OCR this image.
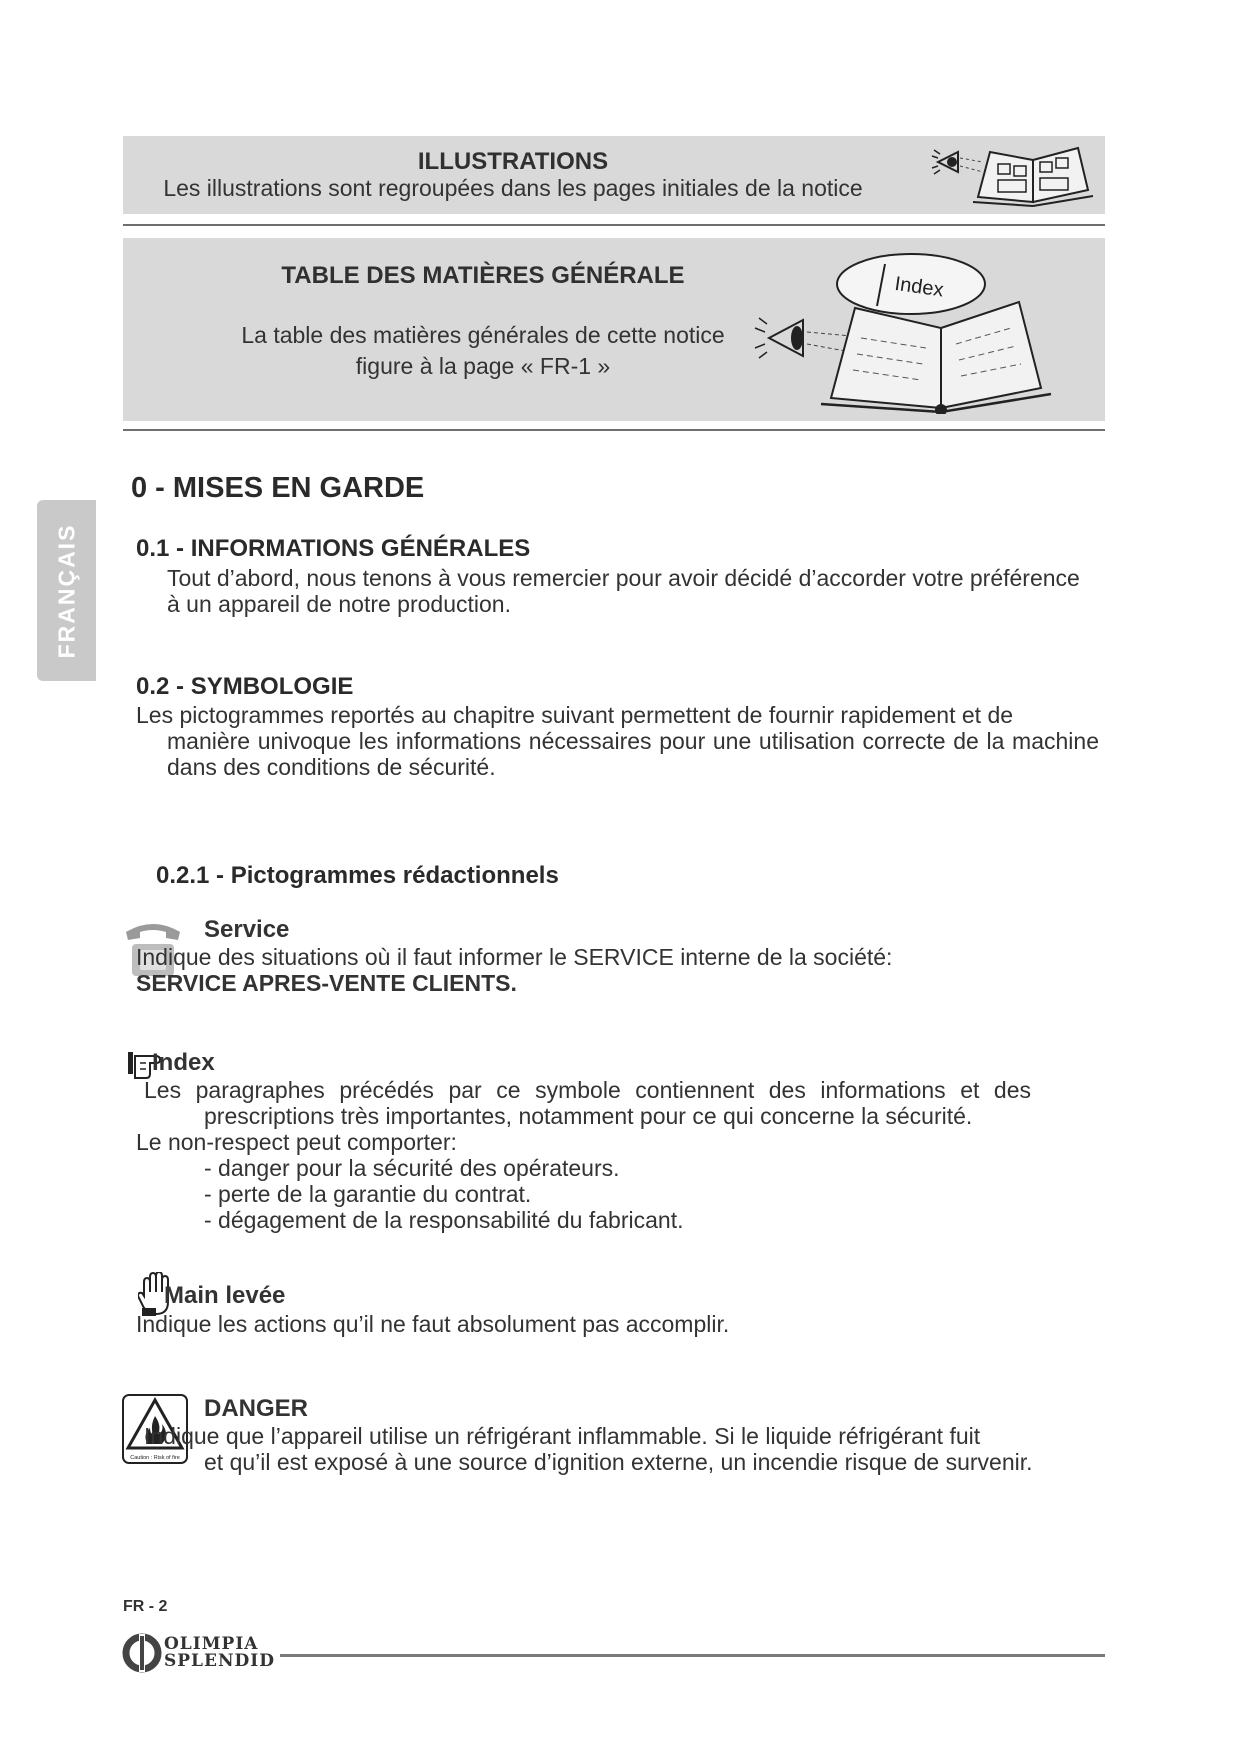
ILLUSTRATIONS
Les illustrations sont regroupées dans les pages initiales de la notice
TABLE DES MATIÈRES GÉNÉRALE
La table des matières générales de cette notice
figure à la page « FR-1 »
Index
FRANÇAIS
0 - MISES EN GARDE
0.1 - INFORMATIONS GÉNÉRALES
Tout d’abord, nous tenons à vous remercier pour avoir décidé d’accorder votre préférence
à un appareil de notre production.
0.2 - SYMBOLOGIE
Les pictogrammes reportés au chapitre suivant permettent de fournir rapidement et de
manière univoque les informations nécessaires pour une utilisation correcte de la machine
dans des conditions de sécurité.
0.2.1 - Pictogrammes rédactionnels
Service
Indique des situations où il faut informer le SERVICE interne de la société:
SERVICE APRES-VENTE CLIENTS.
Index
Les paragraphes précédés par ce symbole contiennent des informations et des
prescriptions très importantes, notamment pour ce qui concerne la sécurité.
Le non-respect peut comporter:
- danger pour la sécurité des opérateurs.
- perte de la garantie du contrat.
- dégagement de la responsabilité du fabricant.
Main levée
Indique les actions qu’il ne faut absolument pas accomplir.
Caution : Risk of fire
DANGER
Indique que l’appareil utilise un réfrigérant inflammable. Si le liquide réfrigérant fuit
et qu’il est exposé à une source d’ignition externe, un incendie risque de survenir.
FR - 2
OLIMPIA
SPLENDID
